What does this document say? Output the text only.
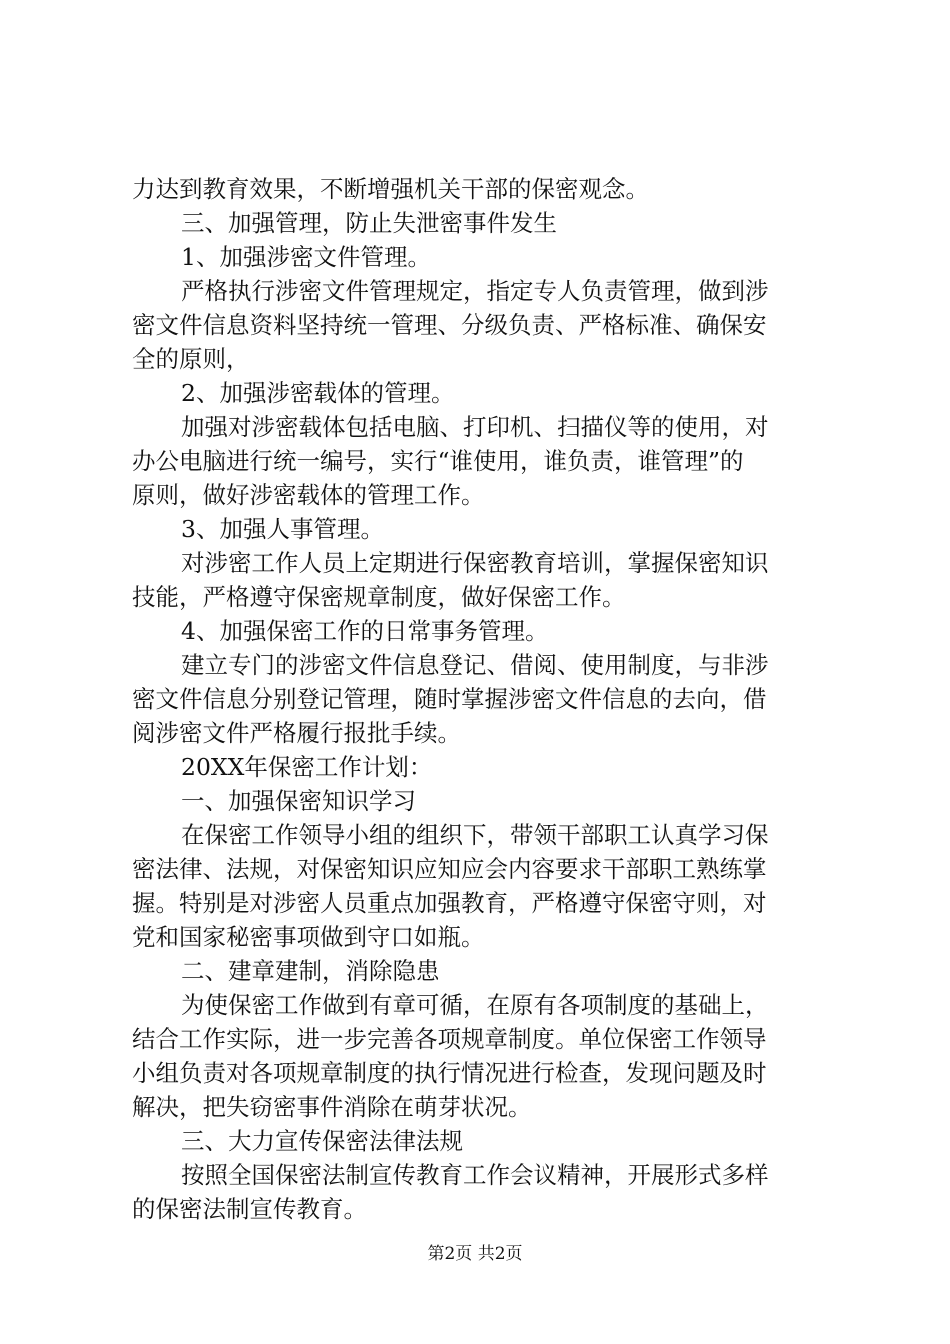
力达到教育效果，不断增强机关干部的保密观念。
三、加强管理，防止失泄密事件发生
1、加强涉密文件管理。
严格执行涉密文件管理规定，指定专人负责管理，做到涉
密文件信息资料坚持统一管理、分级负责、严格标准、确保安
全的原则，
2、加强涉密载体的管理。
加强对涉密载体包括电脑、打印机、扫描仪等的使用，对
办公电脑进行统一编号，实行“谁使用，谁负责，谁管理”的
原则，做好涉密载体的管理工作。
3、加强人事管理。
对涉密工作人员上定期进行保密教育培训，掌握保密知识
技能，严格遵守保密规章制度，做好保密工作。
4、加强保密工作的日常事务管理。
建立专门的涉密文件信息登记、借阅、使用制度，与非涉
密文件信息分别登记管理，随时掌握涉密文件信息的去向，借
阅涉密文件严格履行报批手续。
20XX年保密工作计划：
一、加强保密知识学习
在保密工作领导小组的组织下，带领干部职工认真学习保
密法律、法规，对保密知识应知应会内容要求干部职工熟练掌
握。特别是对涉密人员重点加强教育，严格遵守保密守则，对
党和国家秘密事项做到守口如瓶。
二、建章建制，消除隐患
为使保密工作做到有章可循，在原有各项制度的基础上，
结合工作实际，进一步完善各项规章制度。单位保密工作领导
小组负责对各项规章制度的执行情况进行检查，发现问题及时
解决，把失窃密事件消除在萌芽状况。
三、大力宣传保密法律法规
按照全国保密法制宣传教育工作会议精神，开展形式多样
的保密法制宣传教育。
第2页 共2页
